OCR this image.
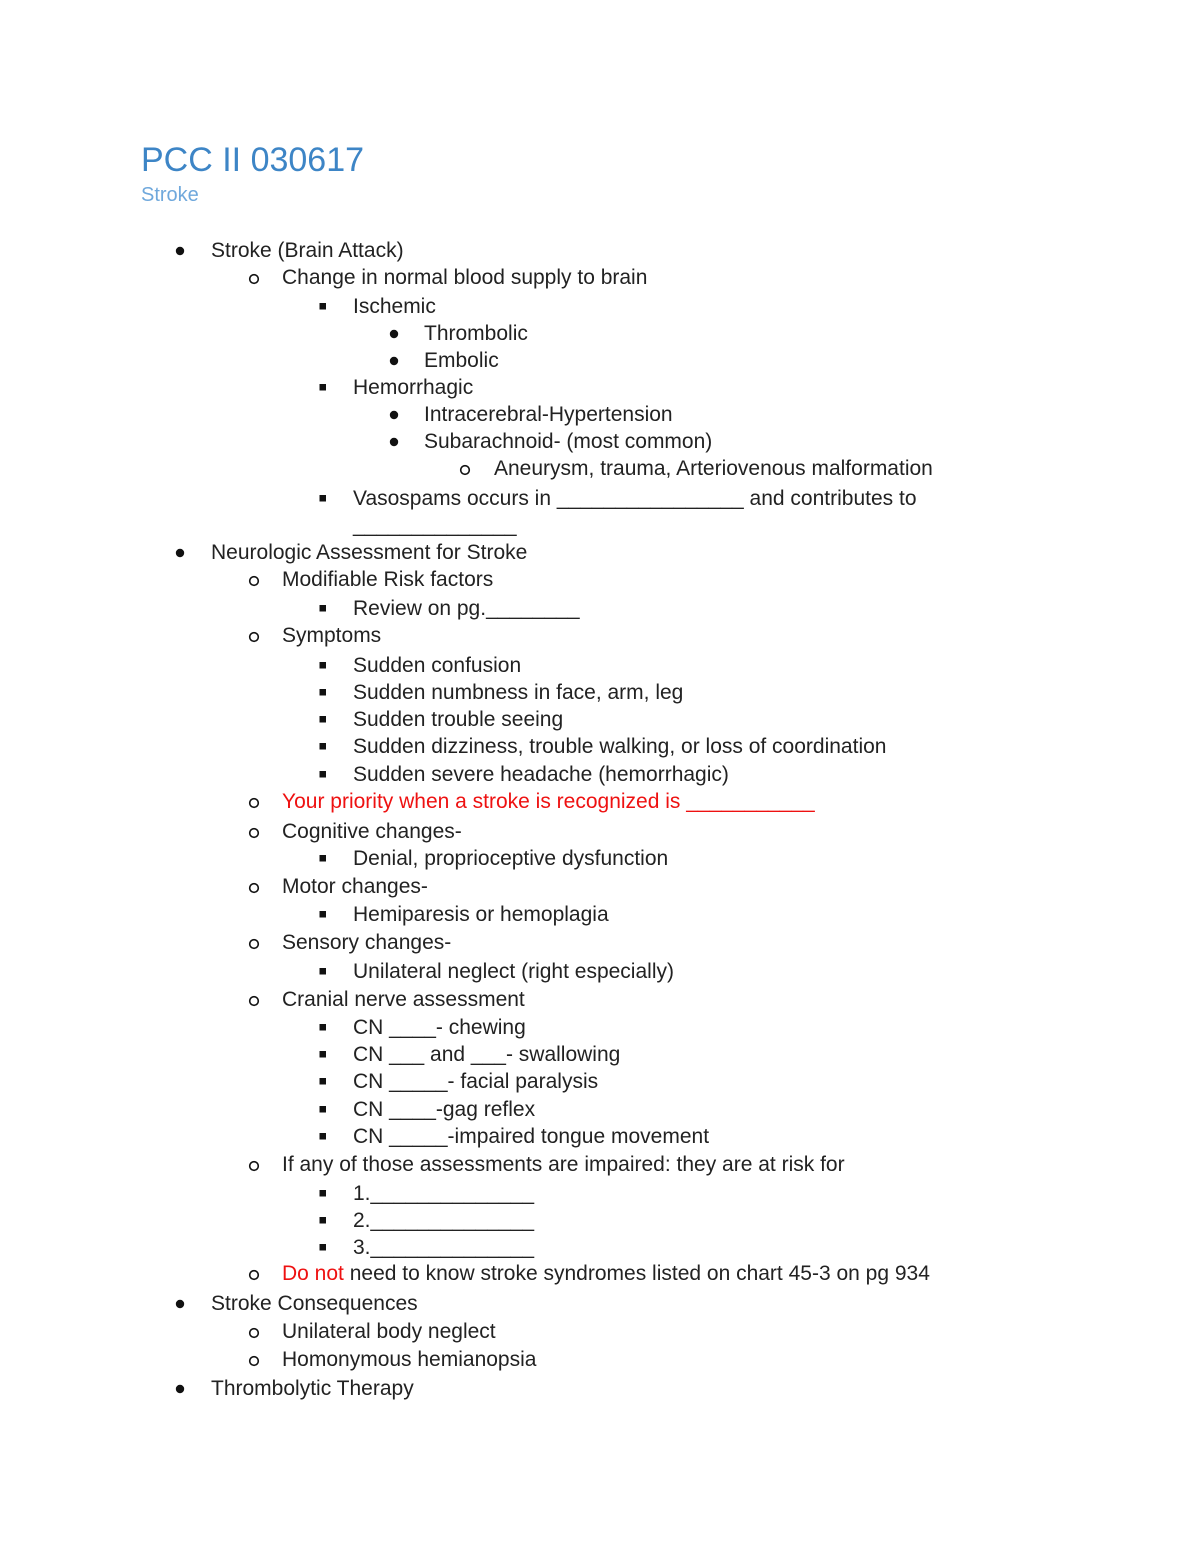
PCC II 030617
Stroke
Stroke (Brain Attack)
Change in normal blood supply to brain
Ischemic
Thrombolic
Embolic
Hemorrhagic
Intracerebral-Hypertension
Subarachnoid- (most common)
Aneurysm, trauma, Arteriovenous malformation
Vasospams occurs in ________________ and contributes to
______________
Neurologic Assessment for Stroke
Modifiable Risk factors
Review on pg.________
Symptoms
Sudden confusion
Sudden numbness in face, arm, leg
Sudden trouble seeing
Sudden dizziness, trouble walking, or loss of coordination
Sudden severe headache (hemorrhagic)
Your priority when a stroke is recognized is ___________
Cognitive changes-
Denial, proprioceptive dysfunction
Motor changes-
Hemiparesis or hemoplagia
Sensory changes-
Unilateral neglect (right especially)
Cranial nerve assessment
CN ____- chewing
CN ___ and ___- swallowing
CN _____- facial paralysis
CN ____-gag reflex
CN _____-impaired tongue movement
If any of those assessments are impaired: they are at risk for
1.______________
2.______________
3.______________
Do not need to know stroke syndromes listed on chart 45-3 on pg 934
Stroke Consequences
Unilateral body neglect
Homonymous hemianopsia
Thrombolytic Therapy
